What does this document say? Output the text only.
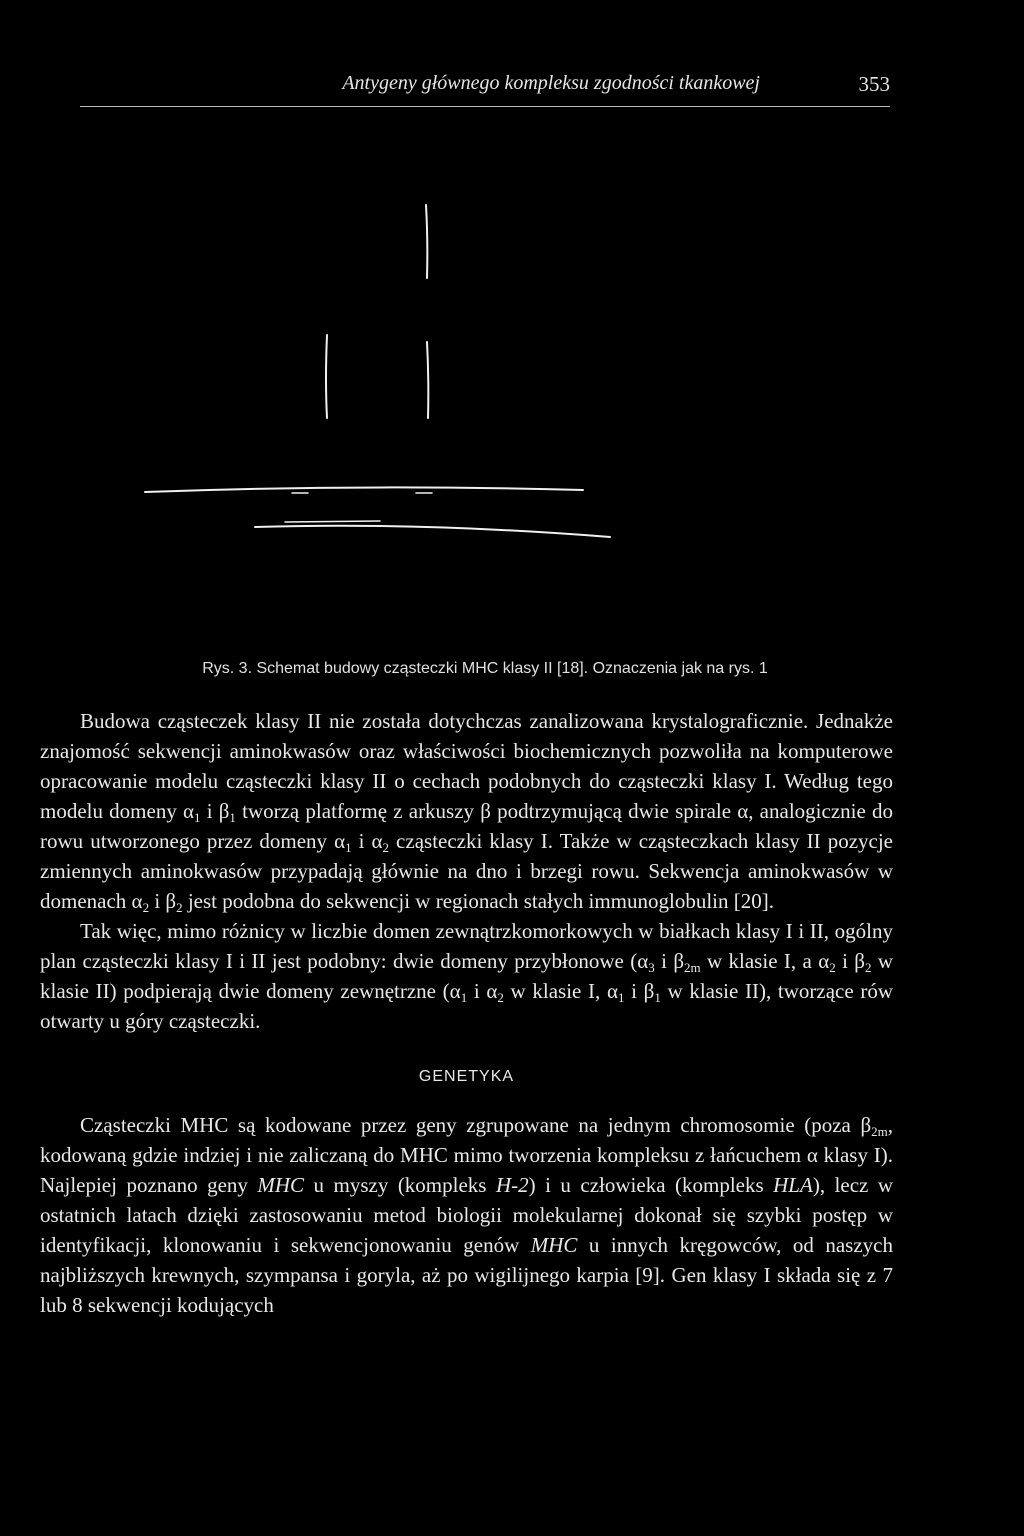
Antygeny głównego kompleksu zgodności tkankowej	353
Rys. 3. Schemat budowy cząsteczki MHC klasy II [18]. Oznaczenia jak na rys. 1

Budowa cząsteczek klasy II nie została dotychczas zanalizowana krystalograficznie. Jednakże znajomość sekwencji aminokwasów oraz właściwości biochemicznych pozwoliła na komputerowe opracowanie modelu cząsteczki klasy II o cechach podobnych do cząsteczki klasy I. Według tego modelu domeny $\alpha_1$ i $\beta_1$ tworzą platformę z arkuszy β podtrzymującą dwie spirale α, analogicznie do rowu utworzonego przez domeny $\alpha_1$ i $\alpha_2$ cząsteczki klasy I. Także w cząsteczkach klasy II pozycje zmiennych aminokwasów przypadają głównie na dno i brzegi rowu. Sekwencja aminokwasów w domenach $\alpha_2$ i $\beta_2$ jest podobna do sekwencji w regionach stałych immunoglobulin [20].

Tak więc, mimo różnicy w liczbie domen zewnątrzkomorkowych w białkach klasy I i II, ogólny plan cząsteczki klasy I i II jest podobny: dwie domeny przybłonowe ($\alpha_3$ i $\beta_{2m}$ w klasie I, a $\alpha_2$ i $\beta_2$ w klasie II) podpierają dwie domeny zewnętrzne ($\alpha_1$ i $\alpha_2$ w klasie I, $\alpha_1$ i $\beta_1$ w klasie II), tworzące rów otwarty u góry cząsteczki.

GENETYKA

Cząsteczki MHC są kodowane przez geny zgrupowane na jednym chromosomie (poza $\beta_{2m}$, kodowaną gdzie indziej i nie zaliczaną do MHC mimo tworzenia kompleksu z łańcuchem α klasy I). Najlepiej poznano geny MHC u myszy (kompleks H-2) i u człowieka (kompleks HLA), lecz w ostatnich latach dzięki zastosowaniu metod biologii molekularnej dokonał się szybki postęp w identyfikacji, klonowaniu i sekwencjonowaniu genów MHC u innych kręgowców, od naszych najbliższych krewnych, szympansa i goryla, aż po wigilijnego karpia [9]. Gen klasy I składa się z 7 lub 8 sekwencji kodujących
